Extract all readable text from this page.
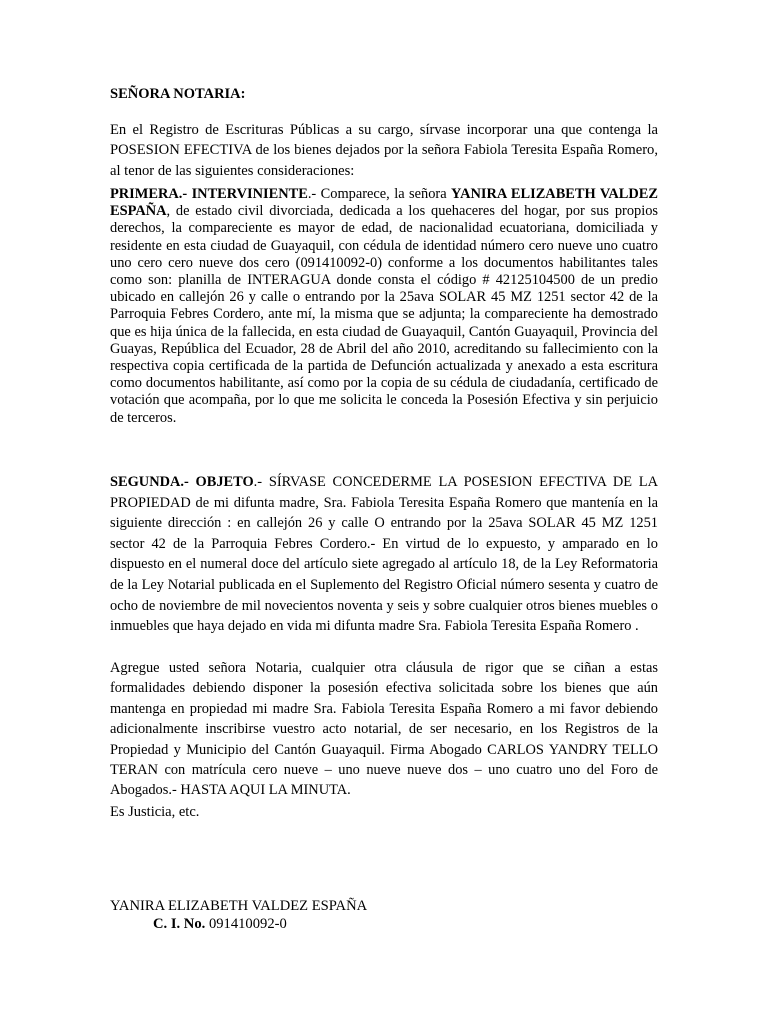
SEÑORA NOTARIA:

En el Registro de Escrituras Públicas a su cargo, sírvase incorporar una que contenga la POSESION EFECTIVA de los bienes dejados por la señora Fabiola Teresita España Romero, al tenor de las siguientes consideraciones:

PRIMERA.- INTERVINIENTE.- Comparece, la señora YANIRA ELIZABETH VALDEZ ESPAÑA, de estado civil divorciada, dedicada a los quehaceres del hogar, por sus propios derechos, la compareciente es mayor de edad, de nacionalidad ecuatoriana, domiciliada y residente en esta ciudad de Guayaquil, con cédula de identidad número cero nueve uno cuatro uno cero cero nueve dos cero (091410092-0) conforme a los documentos habilitantes tales como son: planilla de INTERAGUA donde consta el código # 42125104500 de un predio ubicado en callejón 26 y calle o entrando por la 25ava SOLAR 45 MZ 1251 sector 42 de la Parroquia Febres Cordero, ante mí, la misma que se adjunta; la compareciente ha demostrado que es hija única de la fallecida, en esta ciudad de Guayaquil, Cantón Guayaquil, Provincia del Guayas, República del Ecuador, 28 de Abril del año 2010, acreditando su fallecimiento con la respectiva copia certificada de la partida de Defunción actualizada y anexado a esta escritura como documentos habilitante, así como por la copia de su cédula de ciudadanía, certificado de votación que acompaña, por lo que me solicita le conceda la Posesión Efectiva y sin perjuicio de terceros.

SEGUNDA.- OBJETO.- SÍRVASE CONCEDERME LA POSESION EFECTIVA DE LA PROPIEDAD de mi difunta madre, Sra. Fabiola Teresita España Romero que mantenía en la siguiente dirección : en callejón 26 y calle O entrando por la 25ava SOLAR 45 MZ 1251 sector 42 de la Parroquia Febres Cordero.- En virtud de lo expuesto, y amparado en lo dispuesto en el numeral doce del artículo siete agregado al artículo 18, de la Ley Reformatoria de la Ley Notarial publicada en el Suplemento del Registro Oficial número sesenta y cuatro de ocho de noviembre de mil novecientos noventa y seis y sobre cualquier otros bienes muebles o inmuebles que haya dejado en vida mi difunta madre Sra. Fabiola Teresita España Romero .

Agregue usted señora Notaria, cualquier otra cláusula de rigor que se ciñan a estas formalidades debiendo disponer la posesión efectiva solicitada sobre los bienes que aún mantenga en propiedad mi madre Sra. Fabiola Teresita España Romero a mi favor debiendo adicionalmente inscribirse vuestro acto notarial, de ser necesario, en los Registros de la Propiedad y Municipio del Cantón Guayaquil. Firma Abogado CARLOS YANDRY TELLO TERAN con matrícula cero nueve – uno nueve nueve dos – uno cuatro uno del Foro de Abogados.- HASTA AQUI LA MINUTA.

Es Justicia, etc.

YANIRA ELIZABETH VALDEZ ESPAÑA
C. I. No. 091410092-0
